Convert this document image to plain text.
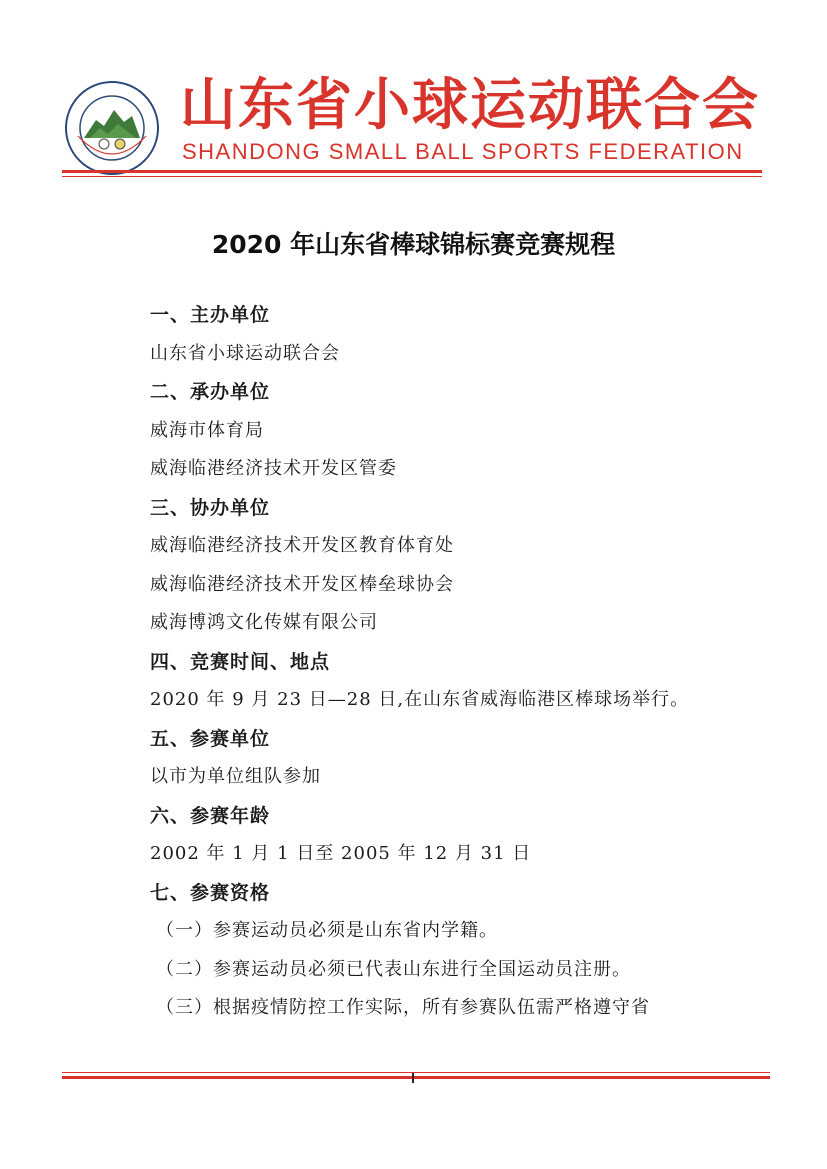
山东省小球运动联合会
SHANDONG SMALL BALL SPORTS FEDERATION
2020 年山东省棒球锦标赛竞赛规程
一、主办单位
山东省小球运动联合会
二、承办单位
威海市体育局
威海临港经济技术开发区管委
三、协办单位
威海临港经济技术开发区教育体育处
威海临港经济技术开发区棒垒球协会
威海博鸿文化传媒有限公司
四、竞赛时间、地点
2020 年 9 月 23 日—28 日,在山东省威海临港区棒球场举行。
五、参赛单位
以市为单位组队参加
六、参赛年龄
2002 年 1 月 1 日至 2005 年 12 月 31 日
七、参赛资格
（一）参赛运动员必须是山东省内学籍。
（二）参赛运动员必须已代表山东进行全国运动员注册。
（三）根据疫情防控工作实际，所有参赛队伍需严格遵守省
